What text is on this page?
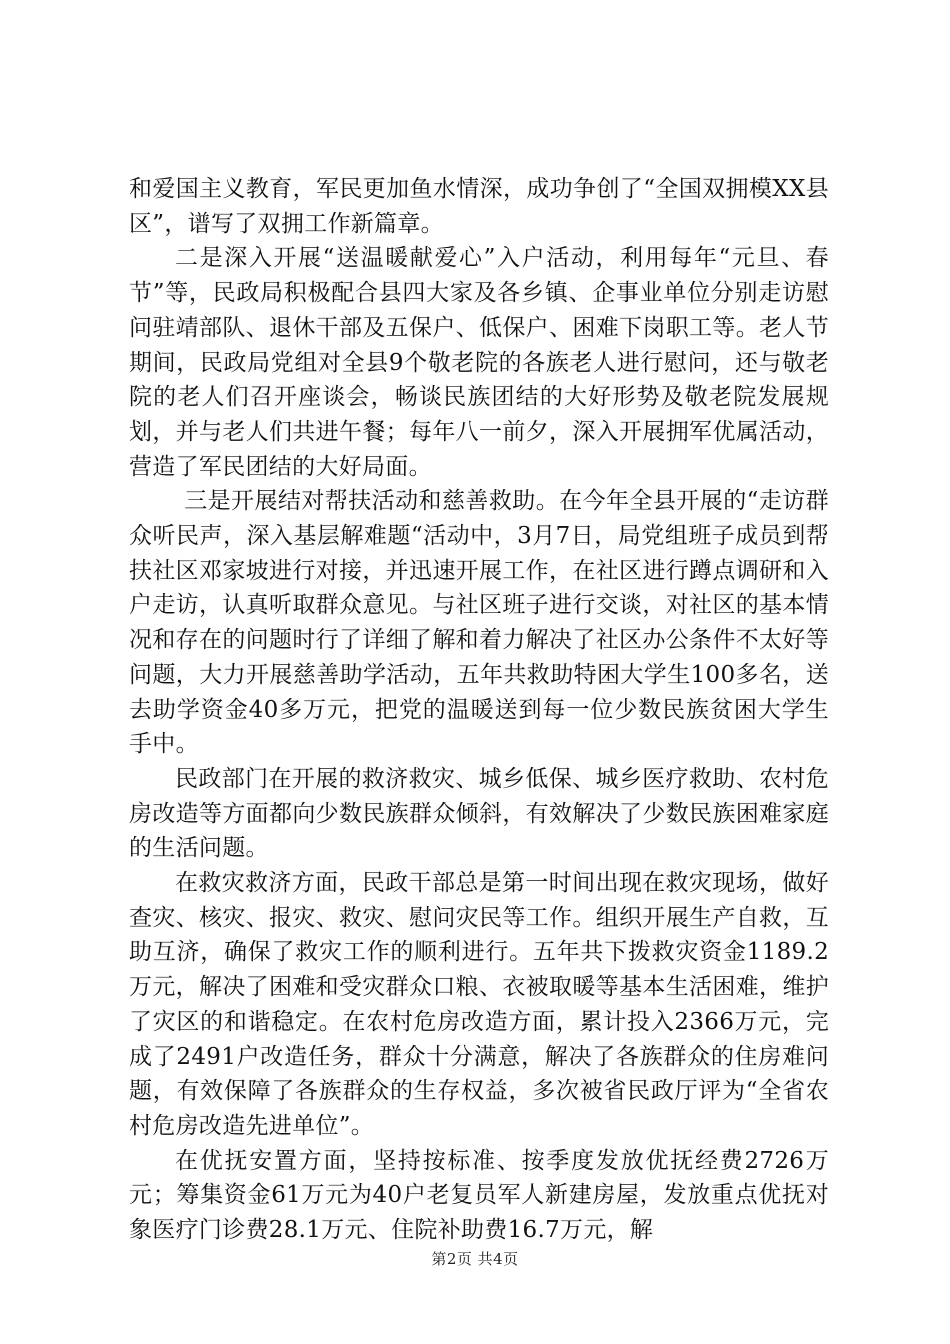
和爱国主义教育，军民更加鱼水情深，成功争创了“全国双拥模XX县区”，谱写了双拥工作新篇章。

二是深入开展“送温暖献爱心”入户活动，利用每年“元旦、春节”等，民政局积极配合县四大家及各乡镇、企事业单位分别走访慰问驻靖部队、退休干部及五保户、低保户、困难下岗职工等。老人节期间，民政局党组对全县9个敬老院的各族老人进行慰问，还与敬老院的老人们召开座谈会，畅谈民族团结的大好形势及敬老院发展规划，并与老人们共进午餐；每年八一前夕，深入开展拥军优属活动，营造了军民团结的大好局面。

三是开展结对帮扶活动和慈善救助。在今年全县开展的“走访群众听民声，深入基层解难题“活动中，3月7日，局党组班子成员到帮扶社区邓家坡进行对接，并迅速开展工作，在社区进行蹲点调研和入户走访，认真听取群众意见。与社区班子进行交谈，对社区的基本情况和存在的问题时行了详细了解和着力解决了社区办公条件不太好等问题，大力开展慈善助学活动，五年共救助特困大学生100多名，送去助学资金40多万元，把党的温暖送到每一位少数民族贫困大学生手中。

民政部门在开展的救济救灾、城乡低保、城乡医疗救助、农村危房改造等方面都向少数民族群众倾斜，有效解决了少数民族困难家庭的生活问题。

在救灾救济方面，民政干部总是第一时间出现在救灾现场，做好查灾、核灾、报灾、救灾、慰问灾民等工作。组织开展生产自救，互助互济，确保了救灾工作的顺利进行。五年共下拨救灾资金1189.2万元，解决了困难和受灾群众口粮、衣被取暖等基本生活困难，维护了灾区的和谐稳定。在农村危房改造方面，累计投入2366万元，完成了2491户改造任务，群众十分满意，解决了各族群众的住房难问题，有效保障了各族群众的生存权益，多次被省民政厅评为“全省农村危房改造先进单位”。

在优抚安置方面，坚持按标准、按季度发放优抚经费2726万元；筹集资金61万元为40户老复员军人新建房屋，发放重点优抚对象医疗门诊费28.1万元、住院补助费16.7万元，解

第2页 共4页
